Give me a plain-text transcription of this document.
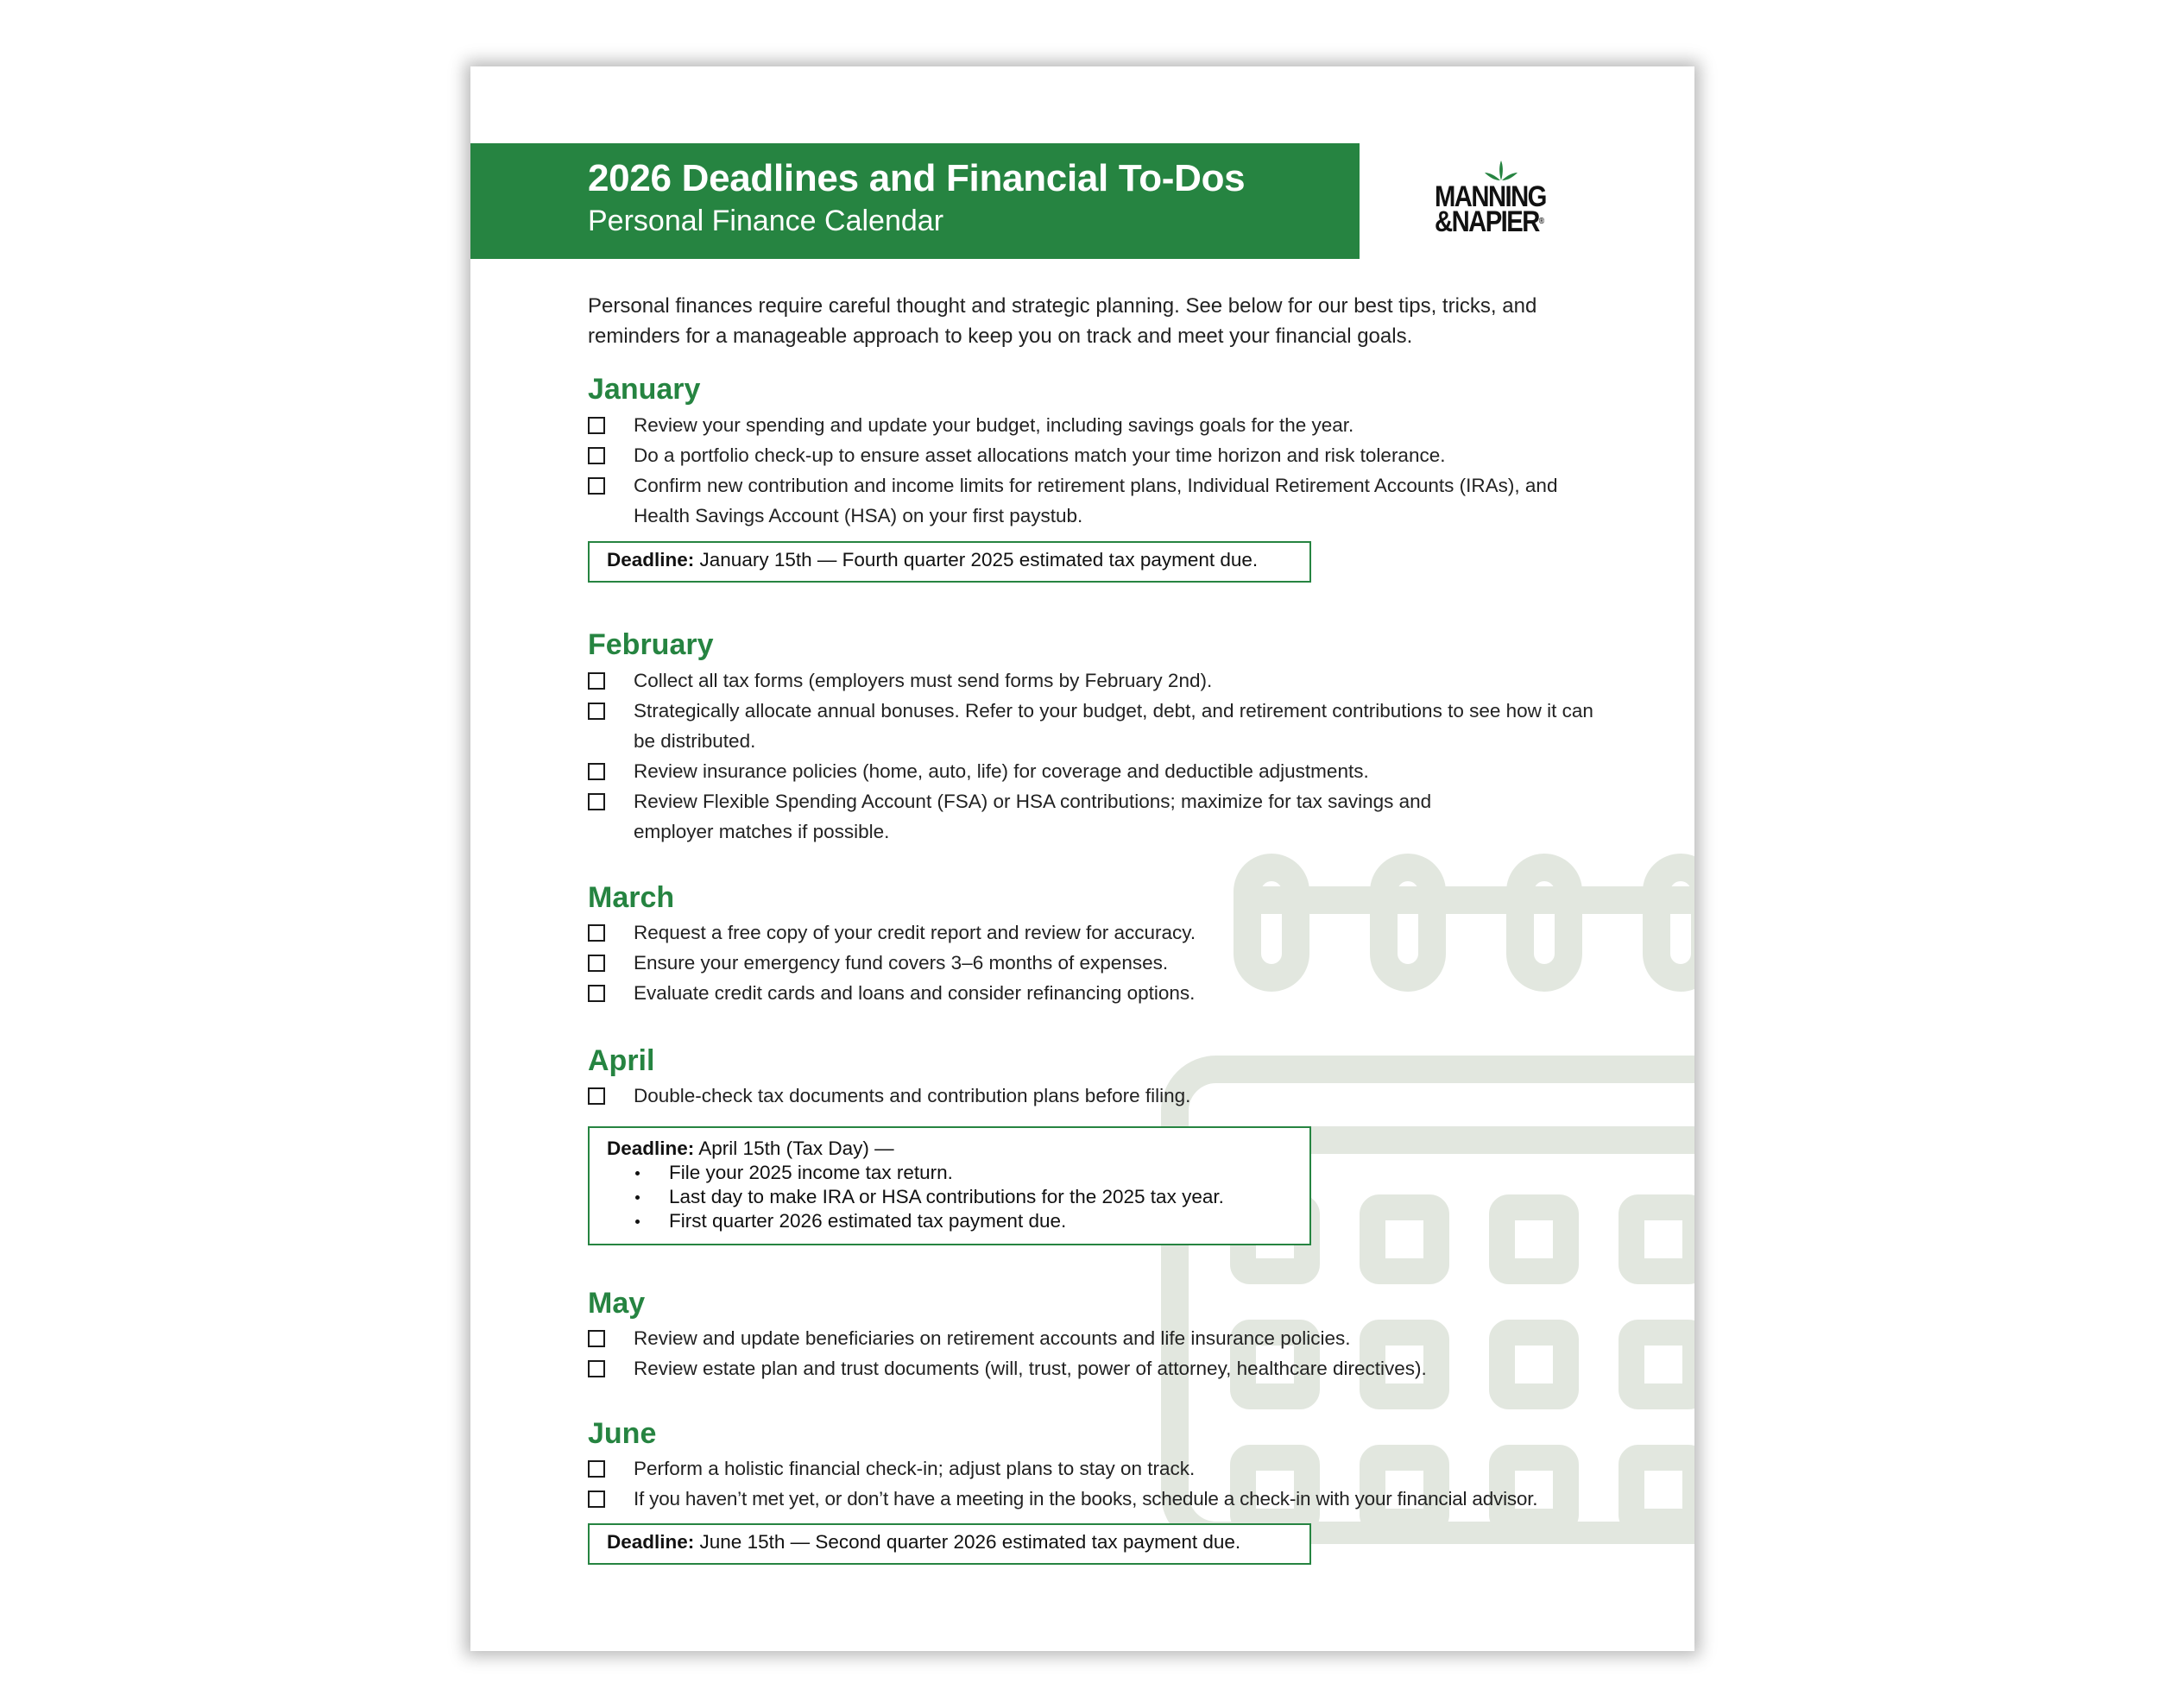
2026 Deadlines and Financial To-Dos
Personal Finance Calendar
MANNING
&NAPIER®
Personal finances require careful thought and strategic planning. See below for our best tips, tricks, and reminders for a manageable approach to keep you on track and meet your financial goals.
January
Review your spending and update your budget, including savings goals for the year.
Do a portfolio check-up to ensure asset allocations match your time horizon and risk tolerance.
Confirm new contribution and income limits for retirement plans, Individual Retirement Accounts (IRAs), and Health Savings Account (HSA) on your first paystub.
Deadline: January 15th — Fourth quarter 2025 estimated tax payment due.
February
Collect all tax forms (employers must send forms by February 2nd).
Strategically allocate annual bonuses. Refer to your budget, debt, and retirement contributions to see how it can be distributed.
Review insurance policies (home, auto, life) for coverage and deductible adjustments.
Review Flexible Spending Account (FSA) or HSA contributions; maximize for tax savings and employer matches if possible.
March
Request a free copy of your credit report and review for accuracy.
Ensure your emergency fund covers 3–6 months of expenses.
Evaluate credit cards and loans and consider refinancing options.
April
Double-check tax documents and contribution plans before filing.
Deadline: April 15th (Tax Day) —
File your 2025 income tax return.
Last day to make IRA or HSA contributions for the 2025 tax year.
First quarter 2026 estimated tax payment due.
May
Review and update beneficiaries on retirement accounts and life insurance policies.
Review estate plan and trust documents (will, trust, power of attorney, healthcare directives).
June
Perform a holistic financial check-in; adjust plans to stay on track.
If you haven’t met yet, or don’t have a meeting in the books, schedule a check-in with your financial advisor.
Deadline: June 15th — Second quarter 2026 estimated tax payment due.
